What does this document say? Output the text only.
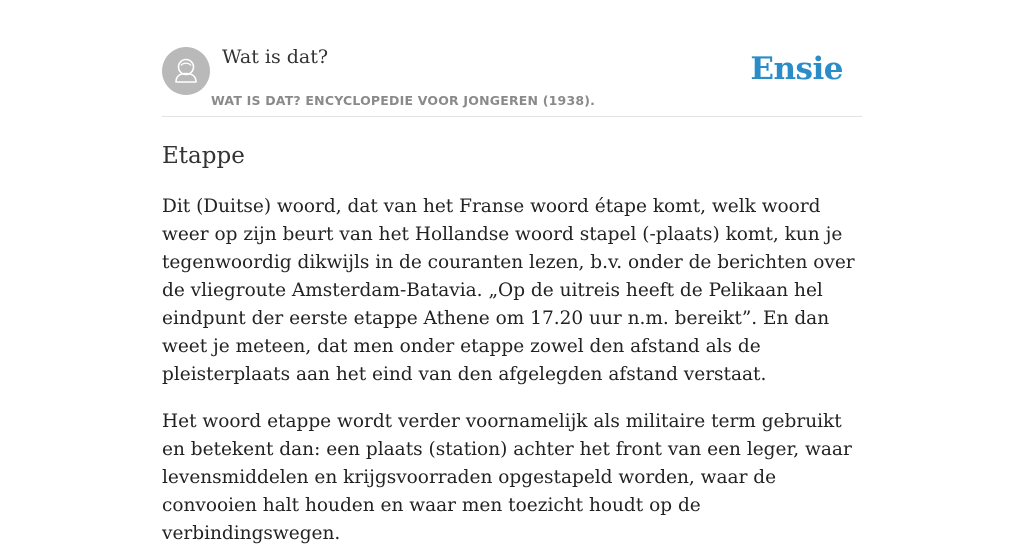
Wat is dat?
WAT IS DAT? ENCYCLOPEDIE VOOR JONGEREN (1938).
Ensie
Etappe

Dit (Duitse) woord, dat van het Franse woord étape komt, welk woord weer op zijn beurt van het Hollandse woord stapel (-plaats) komt, kun je tegenwoordig dikwijls in de couranten lezen, b.v. onder de berichten over de vliegroute Amsterdam-Batavia. „Op de uitreis heeft de Pelikaan hel eindpunt der eerste etappe Athene om 17.20 uur n.m. bereikt”. En dan weet je meteen, dat men onder etappe zowel den afstand als de pleisterplaats aan het eind van den afgelegden afstand verstaat.

Het woord etappe wordt verder voornamelijk als militaire term gebruikt en betekent dan: een plaats (station) achter het front van een leger, waar levensmiddelen en krijgsvoorraden opgestapeld worden, waar de convooien halt houden en waar men toezicht houdt op de verbindingswegen.
